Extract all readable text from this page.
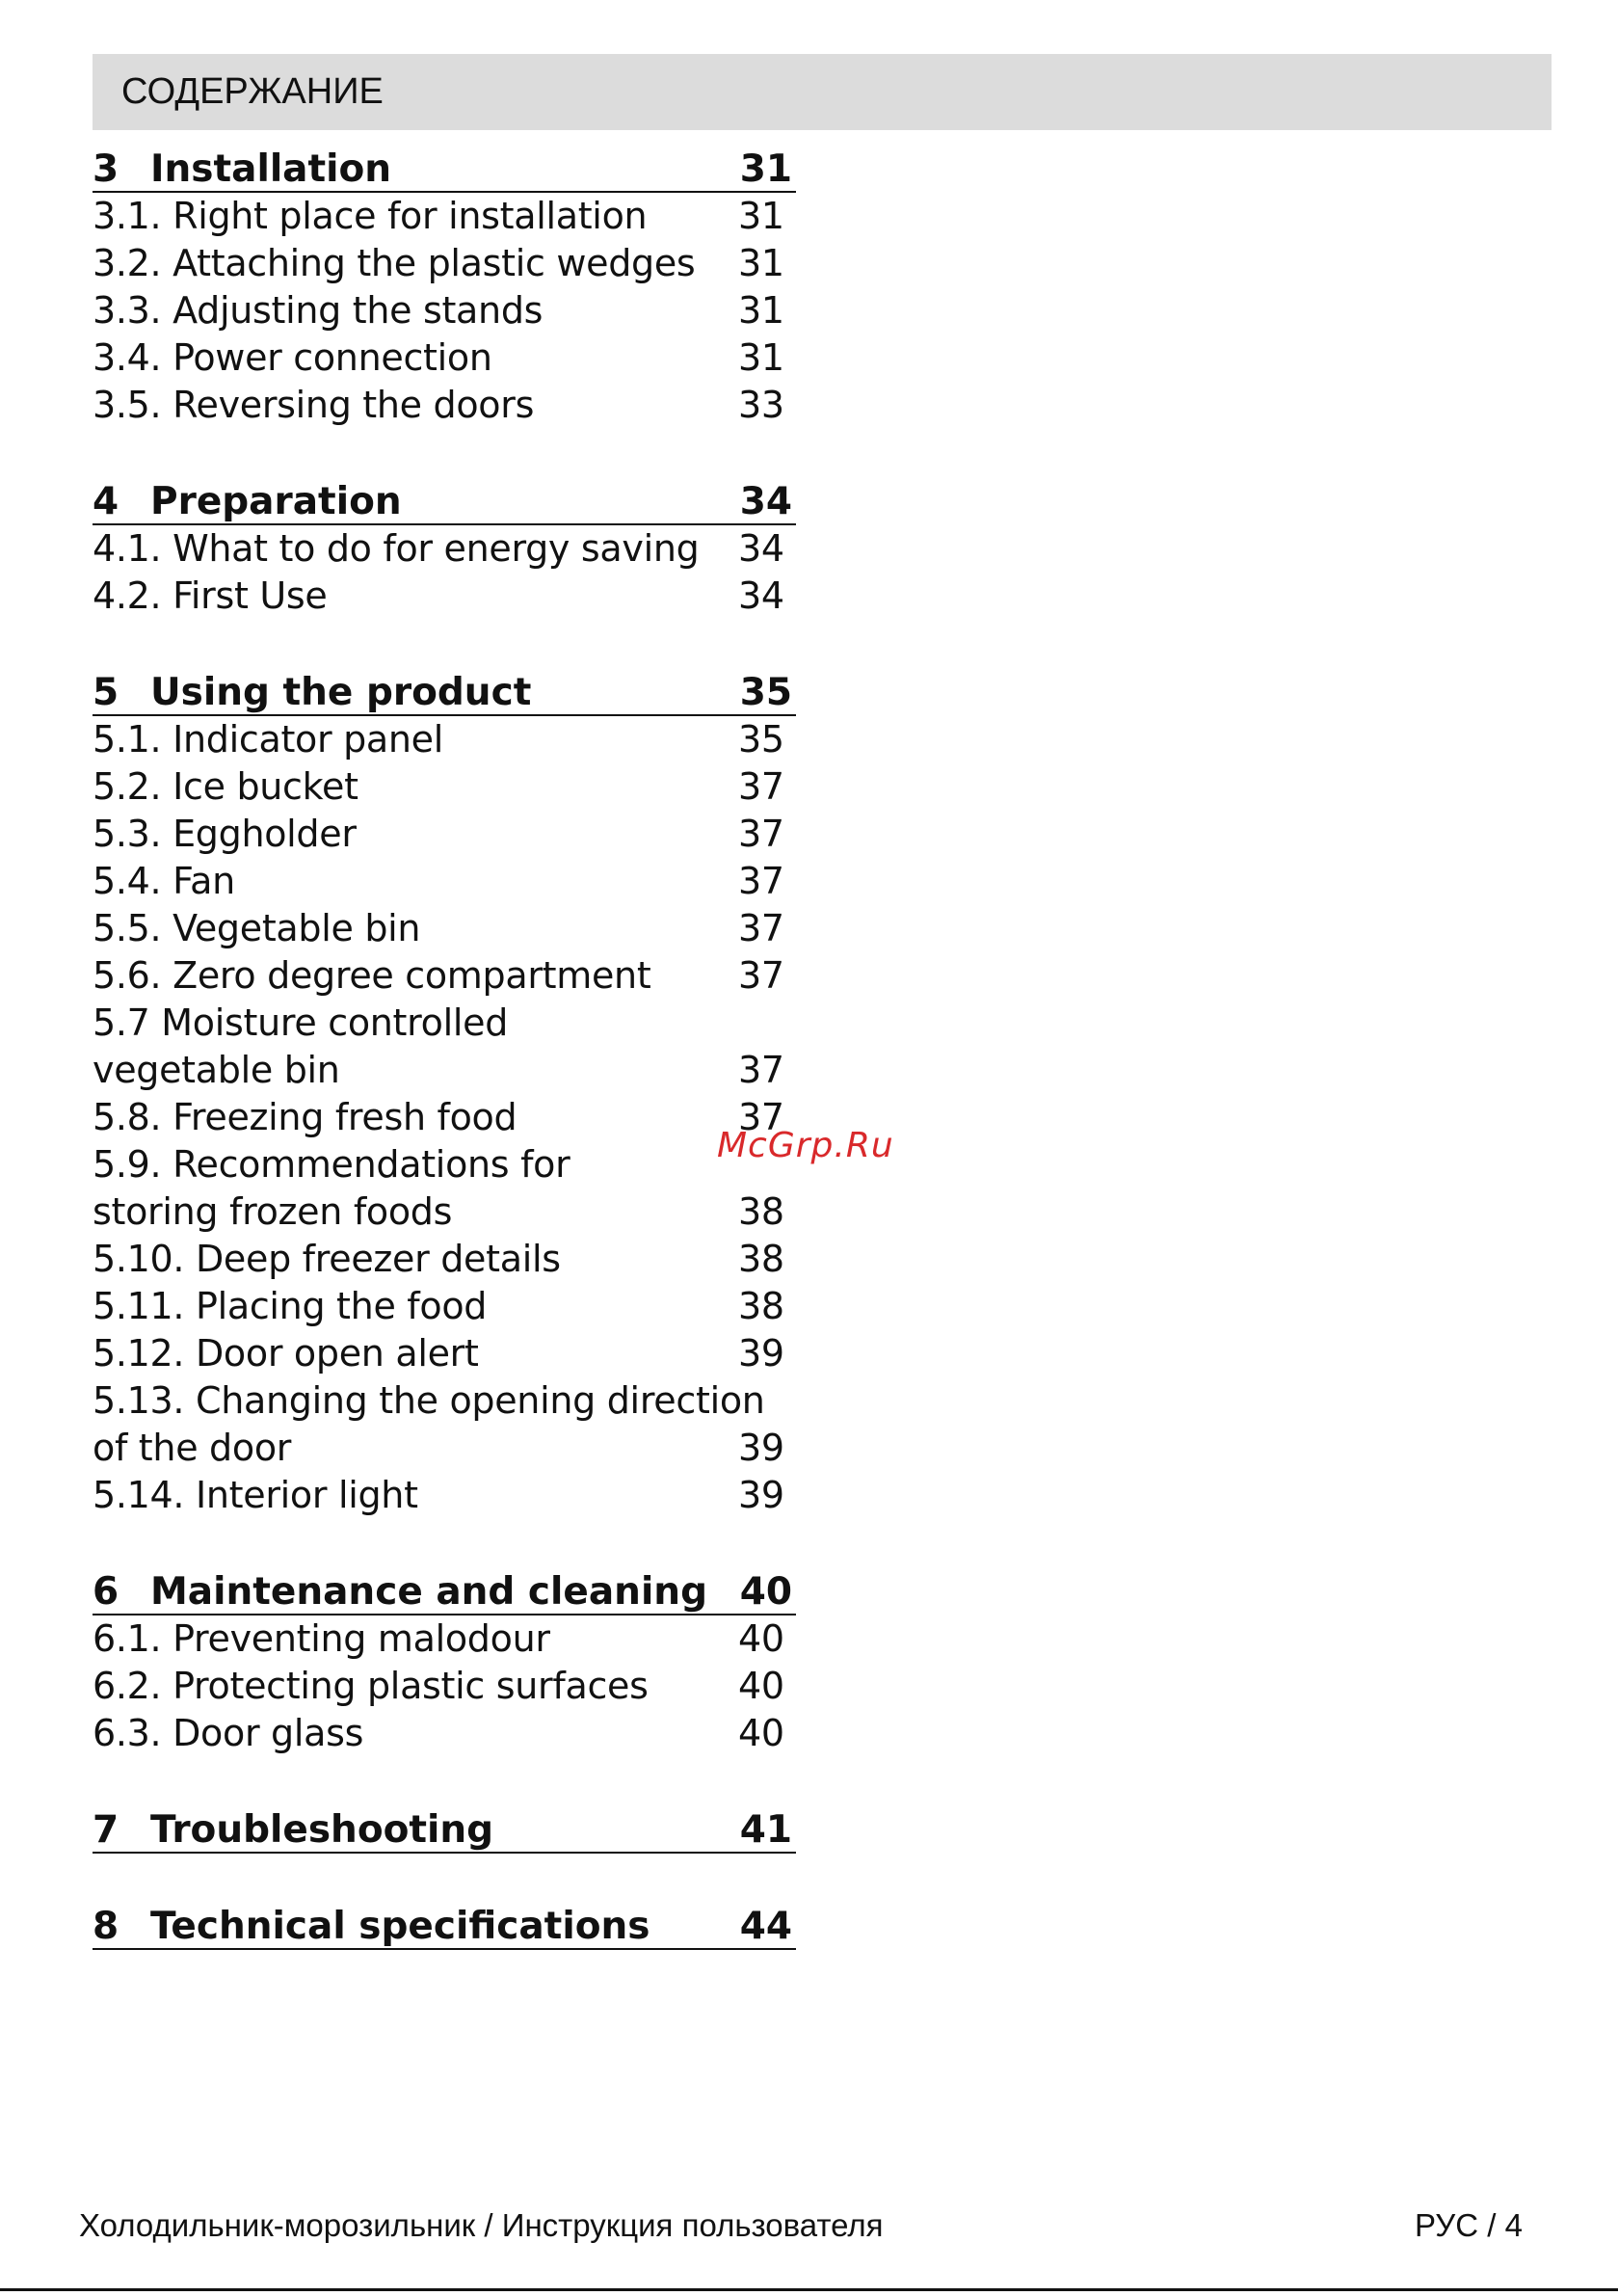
СОДЕРЖАНИЕ
3 Installation	31
3.1. Right place for installation 31
3.2. Attaching the plastic wedges 31
3.3. Adjusting the stands	31
3.4. Power connection	31
3.5. Reversing the doors	33
4 Preparation	34
4.1. What to do for energy saving 34
4.2. First Use	34
5 Using the product	35
5.1. Indicator panel	35
5.2. Ice bucket	37
5.3. Eggholder	37
5.4. Fan	37
5.5. Vegetable bin	37
5.6. Zero degree compartment 37
5.7 Moisture controlled
vegetable bin	37
5.8. Freezing fresh food	37
5.9. Recommendations for
storing frozen foods	38
5.10. Deep freezer details	38
5.11. Placing the food	38
5.12. Door open alert	39
5.13. Changing the opening direction
of the door	39
5.14. Interior light	39
6 Maintenance and cleaning 40
6.1. Preventing malodour	40
6.2. Protecting plastic surfaces 40
6.3. Door glass	40
7 Troubleshooting	41
8 Technical specifications 44
McGrp.Ru
Холодильник-морозильник / Инструкция пользователя	РУС / 4
